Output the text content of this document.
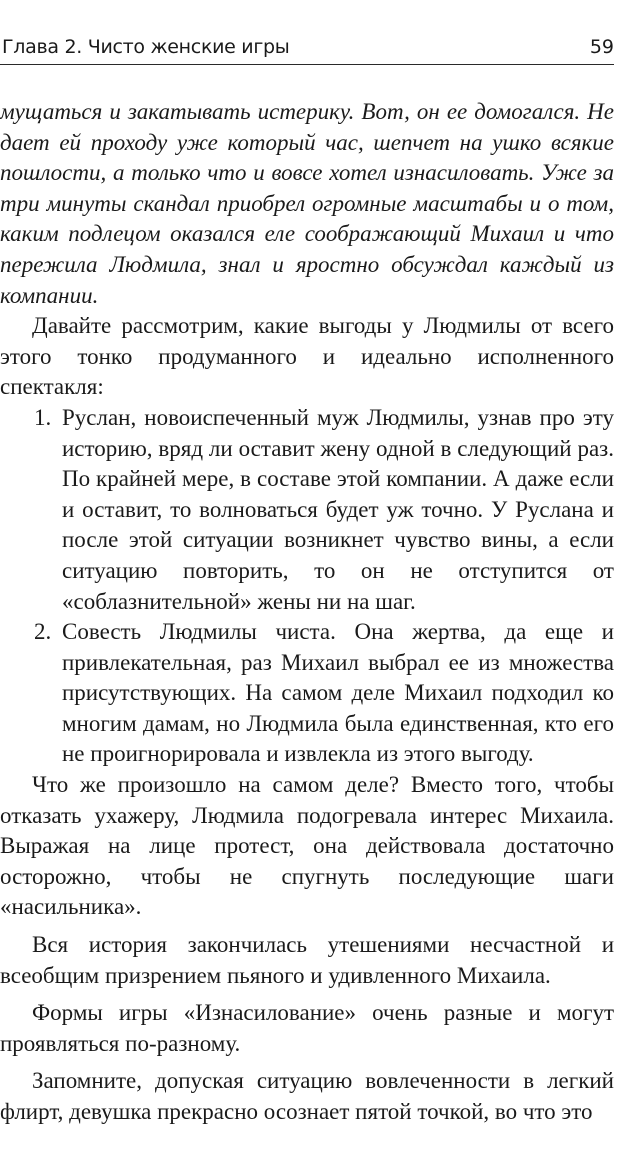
Глава 2. Чисто женские игры	59

мущаться и закатывать истерику. Вот, он ее домогался. Не дает ей проходу уже который час, шепчет на ушко всякие пошлости, а только что и вовсе хотел изнасиловать. Уже за три минуты скандал приобрел огромные масштабы и о том, каким подлецом оказался еле соображающий Михаил и что пережила Людмила, знал и яростно обсуждал каждый из компании.

Давайте рассмотрим, какие выгоды у Людмилы от всего этого тонко продуманного и идеально исполненного спектакля:

1. Руслан, новоиспеченный муж Людмилы, узнав про эту историю, вряд ли оставит жену одной в следующий раз. По крайней мере, в составе этой компании. А даже если и оставит, то волноваться будет уж точно. У Руслана и после этой ситуации возникнет чувство вины, а если ситуацию повторить, то он не отступится от «соблазнительной» жены ни на шаг.
2. Совесть Людмилы чиста. Она жертва, да еще и привлекательная, раз Михаил выбрал ее из множества присутствующих. На самом деле Михаил подходил ко многим дамам, но Людмила была единственная, кто его не проигнорировала и извлекла из этого выгоду.

Что же произошло на самом деле? Вместо того, чтобы отказать ухажеру, Людмила подогревала интерес Михаила. Выражая на лице протест, она действовала достаточно осторожно, чтобы не спугнуть последующие шаги «насильника».

Вся история закончилась утешениями несчастной и всеобщим призрением пьяного и удивленного Михаила.

Формы игры «Изнасилование» очень разные и могут проявляться по-разному.

Запомните, допуская ситуацию вовлеченности в легкий флирт, девушка прекрасно осознает пятой точкой, во что это
